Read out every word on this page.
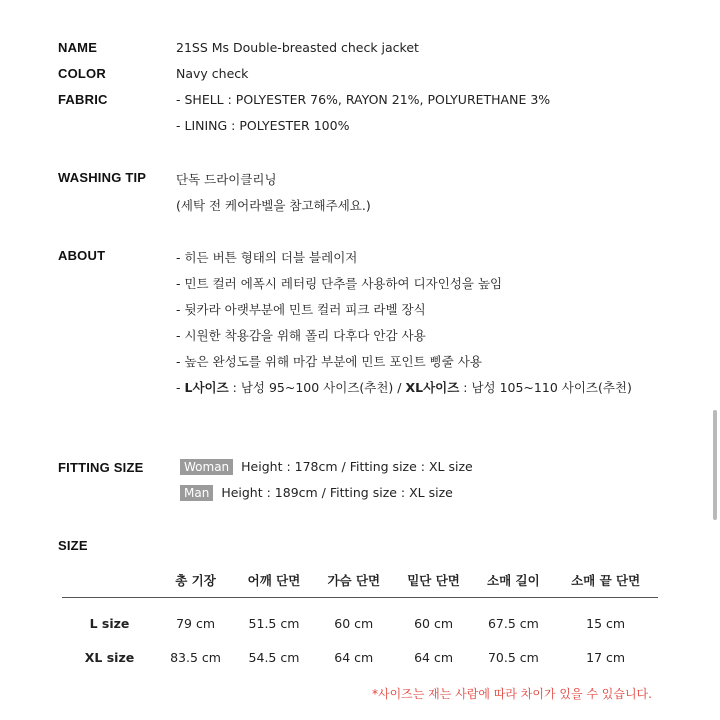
NAME	21SS Ms Double-breasted check jacket
COLOR	Navy check
FABRIC	- SHELL : POLYESTER 76%, RAYON 21%, POLYURETHANE 3%
- LINING : POLYESTER 100%
WASHING TIP 단독 드라이클리닝
(세탁 전 케어라벨을 참고해주세요.)
ABOUT	- 히든 버튼 형태의 더블 블레이저
- 민트 컬러 에폭시 레터링 단추를 사용하여 디자인성을 높임
- 뒷카라 아랫부분에 민트 컬러 피크 라벨 장식
- 시원한 착용감을 위해 폴리 다후다 안감 사용
- 높은 완성도를 위해 마감 부분에 민트 포인트 삥줄 사용
- L사이즈 : 남성 95~100 사이즈(추천) / XL사이즈 : 남성 105~110 사이즈(추천)
FITTING SIZE	Woman Height : 178cm / Fitting size : XL size
Man Height : 189cm / Fitting size : XL size
SIZE
	총 기장	어깨 단면	가슴 단면	밑단 단면	소매 길이	소매 끝 단면
L size	79 cm	51.5 cm	60 cm	60 cm	67.5 cm	15 cm
XL size	83.5 cm	54.5 cm	64 cm	64 cm	70.5 cm	17 cm
*사이즈는 재는 사람에 따라 차이가 있을 수 있습니다.
